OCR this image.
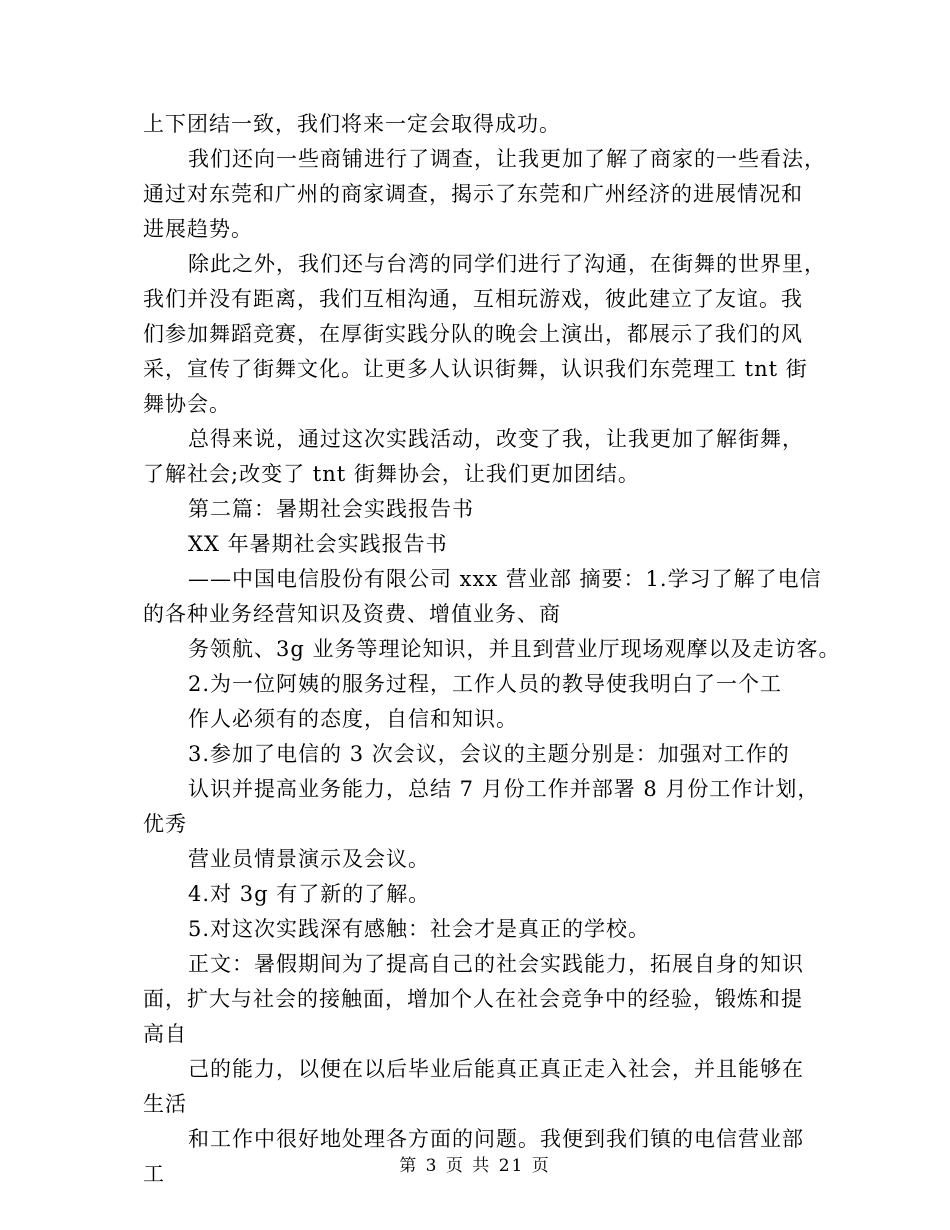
上下团结一致，我们将来一定会取得成功。
我们还向一些商铺进行了调查，让我更加了解了商家的一些看法，
通过对东莞和广州的商家调查，揭示了东莞和广州经济的进展情况和
进展趋势。
除此之外，我们还与台湾的同学们进行了沟通，在街舞的世界里，
我们并没有距离，我们互相沟通，互相玩游戏，彼此建立了友谊。我
们参加舞蹈竞赛，在厚街实践分队的晚会上演出，都展示了我们的风
采，宣传了街舞文化。让更多人认识街舞，认识我们东莞理工 tnt 街
舞协会。
总得来说，通过这次实践活动，改变了我，让我更加了解街舞，
了解社会;改变了 tnt 街舞协会，让我们更加团结。
第二篇：暑期社会实践报告书
XX 年暑期社会实践报告书
——中国电信股份有限公司 xxx 营业部 摘要：1.学习了解了电信
的各种业务经营知识及资费、增值业务、商
务领航、3g 业务等理论知识，并且到营业厅现场观摩以及走访客。
2.为一位阿姨的服务过程，工作人员的教导使我明白了一个工
作人必须有的态度，自信和知识。
3.参加了电信的 3 次会议，会议的主题分别是：加强对工作的
认识并提高业务能力，总结 7 月份工作并部署 8 月份工作计划，
优秀
营业员情景演示及会议。
4.对 3g 有了新的了解。
5.对这次实践深有感触：社会才是真正的学校。
正文：暑假期间为了提高自己的社会实践能力，拓展自身的知识
面，扩大与社会的接触面，增加个人在社会竞争中的经验，锻炼和提
高自
己的能力，以便在以后毕业后能真正真正走入社会，并且能够在
生活
和工作中很好地处理各方面的问题。我便到我们镇的电信营业部
工	第 3 页 共 21 页
